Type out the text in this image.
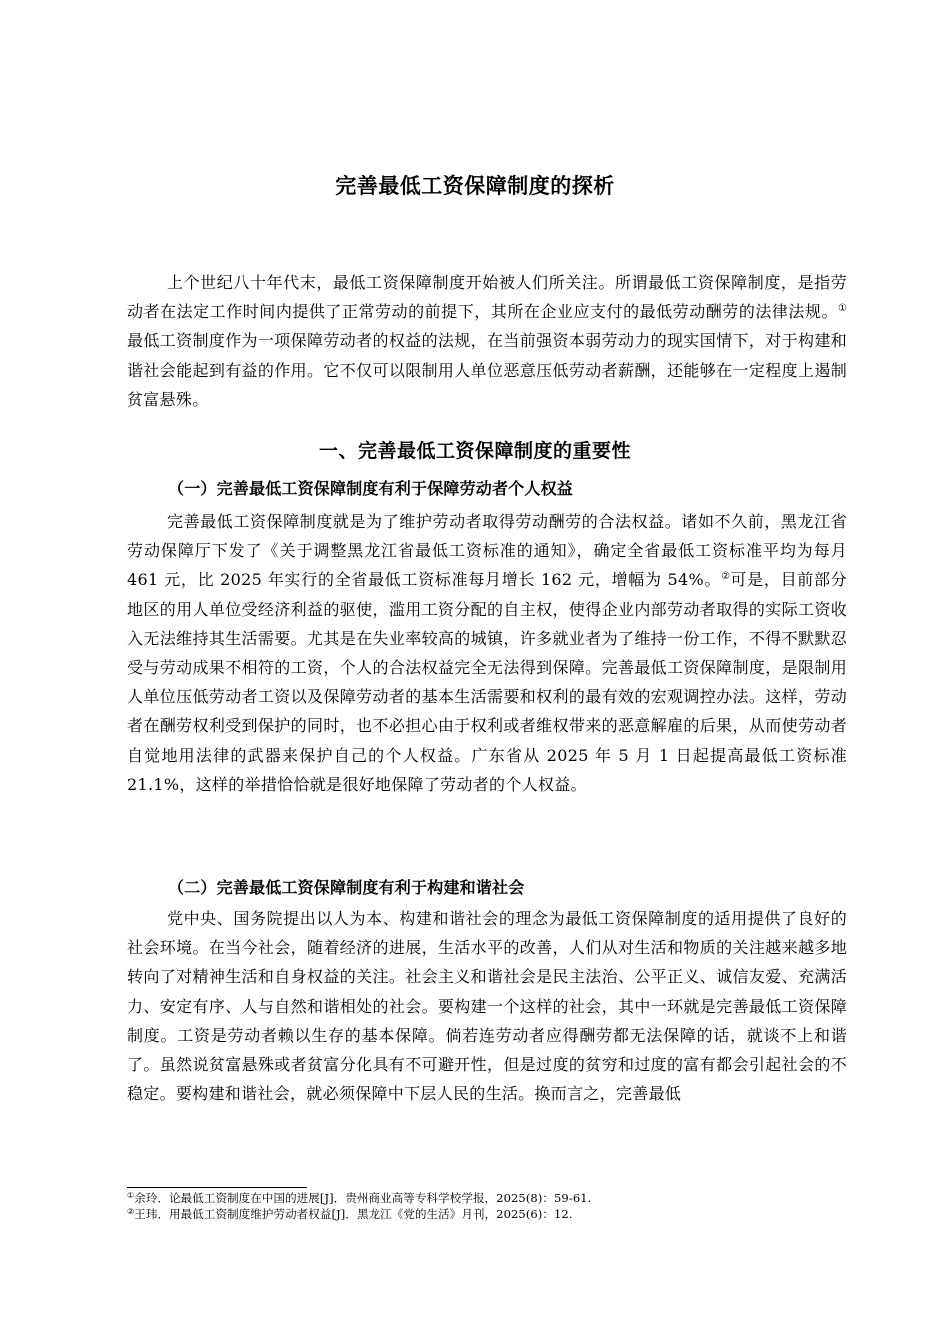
完善最低工资保障制度的探析

上个世纪八十年代末，最低工资保障制度开始被人们所关注。所谓最低工资保障制度，是指劳动者在法定工作时间内提供了正常劳动的前提下，其所在企业应支付的最低劳动酬劳的法律法规。①最低工资制度作为一项保障劳动者的权益的法规，在当前强资本弱劳动力的现实国情下，对于构建和谐社会能起到有益的作用。它不仅可以限制用人单位恶意压低劳动者薪酬，还能够在一定程度上遏制贫富悬殊。

一、完善最低工资保障制度的重要性
（一）完善最低工资保障制度有利于保障劳动者个人权益

完善最低工资保障制度就是为了维护劳动者取得劳动酬劳的合法权益。诸如不久前，黑龙江省劳动保障厅下发了《关于调整黑龙江省最低工资标准的通知》，确定全省最低工资标准平均为每月 461 元，比 2025 年实行的全省最低工资标准每月增长 162 元，增幅为 54%。②可是，目前部分地区的用人单位受经济利益的驱使，滥用工资分配的自主权，使得企业内部劳动者取得的实际工资收入无法维持其生活需要。尤其是在失业率较高的城镇，许多就业者为了维持一份工作，不得不默默忍受与劳动成果不相符的工资，个人的合法权益完全无法得到保障。完善最低工资保障制度，是限制用人单位压低劳动者工资以及保障劳动者的基本生活需要和权利的最有效的宏观调控办法。这样，劳动者在酬劳权利受到保护的同时，也不必担心由于权利或者维权带来的恶意解雇的后果，从而使劳动者自觉地用法律的武器来保护自己的个人权益。广东省从 2025 年 5 月 1 日起提高最低工资标准 21.1%，这样的举措恰恰就是很好地保障了劳动者的个人权益。

（二）完善最低工资保障制度有利于构建和谐社会

党中央、国务院提出以人为本、构建和谐社会的理念为最低工资保障制度的适用提供了良好的社会环境。在当今社会，随着经济的进展，生活水平的改善，人们从对生活和物质的关注越来越多地转向了对精神生活和自身权益的关注。社会主义和谐社会是民主法治、公平正义、诚信友爱、充满活力、安定有序、人与自然和谐相处的社会。要构建一个这样的社会，其中一环就是完善最低工资保障制度。工资是劳动者赖以生存的基本保障。倘若连劳动者应得酬劳都无法保障的话，就谈不上和谐了。虽然说贫富悬殊或者贫富分化具有不可避开性，但是过度的贫穷和过度的富有都会引起社会的不稳定。要构建和谐社会，就必须保障中下层人民的生活。换而言之，完善最低

①余玲．论最低工资制度在中国的进展[J]．贵州商业高等专科学校学报，2025(8)：59-61.
②王玮．用最低工资制度维护劳动者权益[J]．黑龙江《党的生活》月刊，2025(6)：12.
